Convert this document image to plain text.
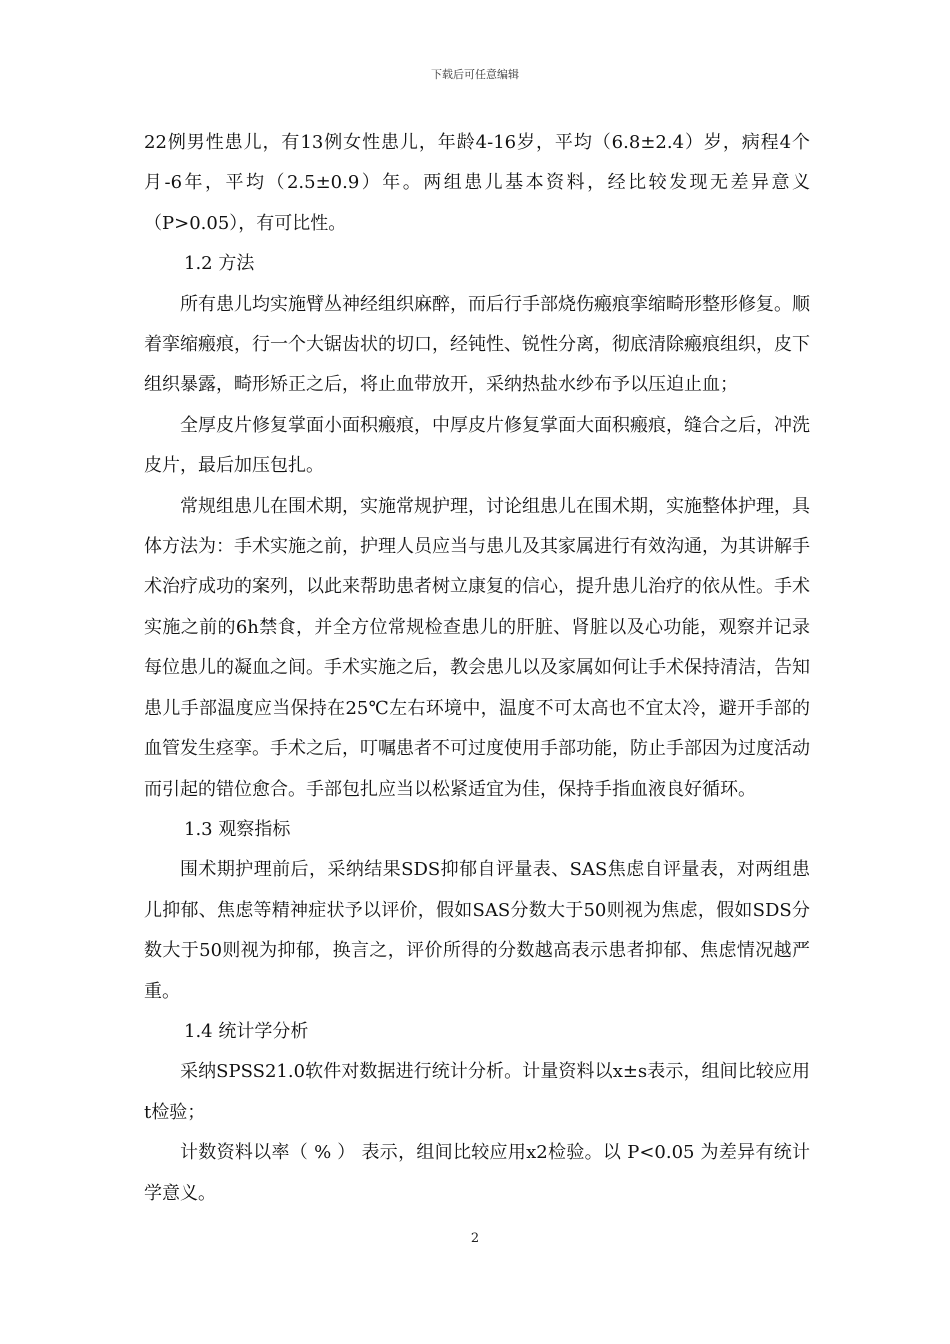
下载后可任意编辑

22例男性患儿，有13例女性患儿，年龄4-16岁，平均（6.8±2.4）岁，病程4个月-6年，平均（2.5±0.9）年。两组患儿基本资料，经比较发现无差异意义（P>0.05），有可比性。

1.2 方法

所有患儿均实施臂丛神经组织麻醉，而后行手部烧伤瘢痕挛缩畸形整形修复。顺着挛缩瘢痕，行一个大锯齿状的切口，经钝性、锐性分离，彻底清除瘢痕组织，皮下组织暴露，畸形矫正之后，将止血带放开，采纳热盐水纱布予以压迫止血；

全厚皮片修复掌面小面积瘢痕，中厚皮片修复掌面大面积瘢痕，缝合之后，冲洗皮片，最后加压包扎。

常规组患儿在围术期，实施常规护理，讨论组患儿在围术期，实施整体护理，具体方法为：手术实施之前，护理人员应当与患儿及其家属进行有效沟通，为其讲解手术治疗成功的案列，以此来帮助患者树立康复的信心，提升患儿治疗的依从性。手术实施之前的6h禁食，并全方位常规检查患儿的肝脏、肾脏以及心功能，观察并记录每位患儿的凝血之间。手术实施之后，教会患儿以及家属如何让手术保持清洁，告知患儿手部温度应当保持在25℃左右环境中，温度不可太高也不宜太冷，避开手部的血管发生痉挛。手术之后，叮嘱患者不可过度使用手部功能，防止手部因为过度活动而引起的错位愈合。手部包扎应当以松紧适宜为佳，保持手指血液良好循环。

1.3 观察指标

围术期护理前后，采纳结果SDS抑郁自评量表、SAS焦虑自评量表，对两组患儿抑郁、焦虑等精神症状予以评价，假如SAS分数大于50则视为焦虑，假如SDS分数大于50则视为抑郁，换言之，评价所得的分数越高表示患者抑郁、焦虑情况越严重。

1.4 统计学分析

采纳SPSS21.0软件对数据进行统计分析。计量资料以x±s表示，组间比较应用t检验；

计数资料以率（ % ） 表示，组间比较应用x2检验。以 P<0.05 为差异有统计学意义。

2
